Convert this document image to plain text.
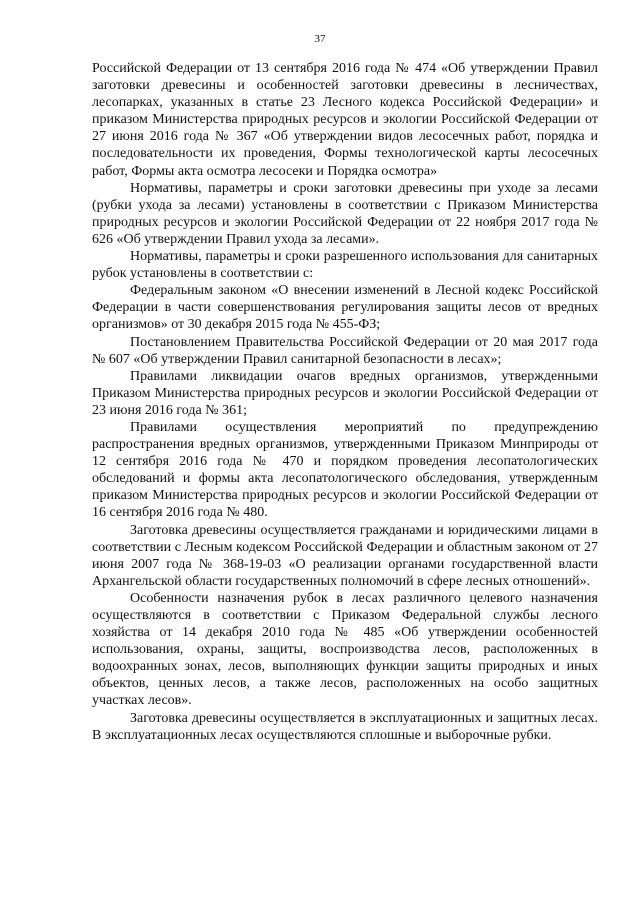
37

Российской Федерации от 13 сентября 2016 года № 474 «Об утверждении Правил заготовки древесины и особенностей заготовки древесины в лесничествах, лесопарках, указанных в статье 23 Лесного кодекса Российской Федерации» и приказом Министерства природных ресурсов и экологии Российской Федерации от 27 июня 2016 года № 367 «Об утверждении видов лесосечных работ, порядка и последовательности их проведения, Формы технологической карты лесосечных работ, Формы акта осмотра лесосеки и Порядка осмотра»

Нормативы, параметры и сроки заготовки древесины при уходе за лесами (рубки ухода за лесами) установлены в соответствии с Приказом Министерства природных ресурсов и экологии Российской Федерации от 22 ноября 2017 года № 626 «Об утверждении Правил ухода за лесами».

Нормативы, параметры и сроки разрешенного использования для санитарных рубок установлены в соответствии с:

Федеральным законом «О внесении изменений в Лесной кодекс Российской Федерации в части совершенствования регулирования защиты лесов от вредных организмов» от 30 декабря 2015 года № 455-ФЗ;

Постановлением Правительства Российской Федерации от 20 мая 2017 года № 607 «Об утверждении Правил санитарной безопасности в лесах»;

Правилами ликвидации очагов вредных организмов, утвержденными Приказом Министерства природных ресурсов и экологии Российской Федерации от 23 июня 2016 года № 361;

Правилами осуществления мероприятий по предупреждению распространения вредных организмов, утвержденными Приказом Минприроды от 12 сентября 2016 года № 470 и порядком проведения лесопатологических обследований и формы акта лесопатологического обследования, утвержденным приказом Министерства природных ресурсов и экологии Российской Федерации от 16 сентября 2016 года № 480.

Заготовка древесины осуществляется гражданами и юридическими лицами в соответствии с Лесным кодексом Российской Федерации и областным законом от 27 июня 2007 года № 368-19-03 «О реализации органами государственной власти Архангельской области государственных полномочий в сфере лесных отношений».

Особенности назначения рубок в лесах различного целевого назначения осуществляются в соответствии с Приказом Федеральной службы лесного хозяйства от 14 декабря 2010 года № 485 «Об утверждении особенностей использования, охраны, защиты, воспроизводства лесов, расположенных в водоохранных зонах, лесов, выполняющих функции защиты природных и иных объектов, ценных лесов, а также лесов, расположенных на особо защитных участках лесов».

Заготовка древесины осуществляется в эксплуатационных и защитных лесах. В эксплуатационных лесах осуществляются сплошные и выборочные рубки.
